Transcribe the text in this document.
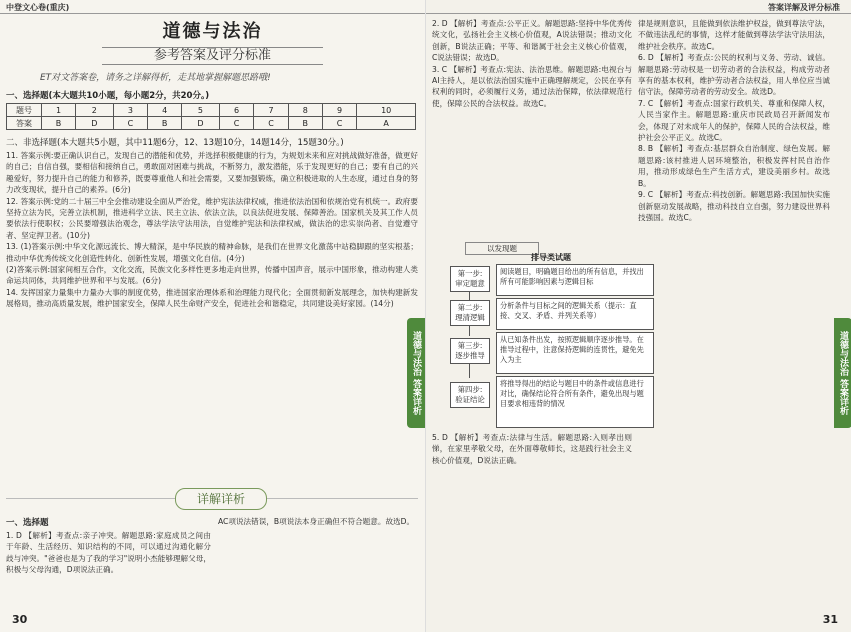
中登文心卷(重庆)
道德与法治
参考答案及评分标准
ET对文答案卷，请务之详解得析，走其地掌握解题思路哦!
一、选择题(本大题共10小题，每小题2分，共20分。)
题号	1	2	3	4	5	6	7	8	9	10
答案	B	D	C	B	D	C	C	B	C	A
二、非选择题(本大题共5小题，其中11题6分，12、13题10分，14题14分，15题30分。)

11. 答案示例:要正确认识自己，发现自己的潜能和优势，并选择积极健康的行为，为规划未来和应对挑战做好准备，做更好的自己；自信自强，要相信和接纳自己，勇敢面对困难与挑战，不断努力，激发潜能，乐于发现更好的自己；要有自己的兴趣爱好，努力提升自己的能力和修养，既要尊重他人和社会需要，又要加强锻炼，确立积极进取的人生态度，通过自身的努力改变现状，提升自己的素养。(6分)

12. 答案示例:党的二十届三中全会推动建设全面从严治党，维护宪法法律权威，推进依法治国和依规治党有机统一。政府要坚持立法为民，完善立法机制，推进科学立法、民主立法、依法立法，以良法促进发展、保障善治。国家机关及其工作人员要依法行使职权；公民要增强法治观念，尊法学法守法用法，自觉维护宪法和法律权威，做法治的忠实崇尚者、自觉遵守者、坚定捍卫者。(10分)

13. (1)答案示例:中华文化源远流长、博大精深，是中华民族的精神命脉，是我们在世界文化激荡中站稳脚跟的坚实根基；推动中华优秀传统文化创造性转化、创新性发展，增强文化自信。(4分)

(2)答案示例:国家间相互合作，文化交流，民族文化多样性更多地走向世界，传播中国声音，展示中国形象，推动构建人类命运共同体，共同维护世界和平与发展。(6分)

14. 发挥国家力量集中力量办大事的制度优势，推进国家治理体系和治理能力现代化；全面贯彻新发展理念，加快构建新发展格局，推动高质量发展，维护国家安全，保障人民生命财产安全，促进社会和谐稳定，共同建设美好家园。(14分)

详解详析
一、选择题
1. D 【解析】考查点:亲子冲突。解题思路:家庭成员之间由于年龄、生活经历、知识结构的不同，可以通过沟通化解分歧与冲突。"爸爸也是为了我的学习"说明小杰能够理解父母，积极与父母沟通，D项说法正确。
AC项说法错误，B项说法本身正确但不符合题意。故选D。
30
道德与法治 答案详析
答案详解及评分标准

2. D 【解析】考查点:公平正义。解题思路:坚持中华优秀传统文化，弘扬社会主义核心价值观，A说法错误；推动文化创新，B说法正确；平等、和谐属于社会主义核心价值观，C说法错误；故选D。

3. C 【解析】考查点:宪法、法治思维。解题思路:电视台与AI主持人，是以依法治国实施中正确理解规定，公民在享有权利的同时，必须履行义务，通过法治保障，依法律规范行使，保障公民的合法权益。故选C。

5. D 【解析】考查点:法律与生活。解题思路:入则孝出则悌，在家里孝敬父母，在外面尊敬师长，这是践行社会主义核心价值观，D说法正确。

律是规则意识，且能做到依法维护权益，做到尊法守法，不做违法乱纪的事情，这样才能做到尊法学法守法用法，维护社会秩序。故选C。

6. D 【解析】考查点:公民的权利与义务、劳动、诚信。解题思路:劳动权是一切劳动者的合法权益，构成劳动者享有的基本权利，维护劳动者合法权益，用人单位应当诚信守法，保障劳动者的劳动安全。故选D。

7. C 【解析】考查点:国家行政机关、尊重和保障人权，人民当家作主。解题思路:重庆市民政局召开新闻发布会，体现了对未成年人的保护，保障人民的合法权益，维护社会公平正义。故选C。

8. B 【解析】考查点:基层群众自治制度、绿色发展。解题思路:该村推进人居环境整治，积极发挥村民自治作用，推动形成绿色生产生活方式，建设美丽乡村。故选B。

9. C 【解析】考查点:科技创新。解题思路:我国加快实施创新驱动发展战略，推动科技自立自强，努力建设世界科技强国。故选C。

31
道德与法治 答案详析
以发现题
排导类试题
第一步:
审定题意
阅读题目，明确题目给出的所有信息，并找出所有可能影响因素与逻辑目标
第二步:
理清逻辑
分析条件与目标之间的逻辑关系（提示：直接、交叉、矛盾、并列关系等）
第三步:
逐步推导
从已知条件出发，按照逻辑顺序逐步推导。在推导过程中，注意保持逻辑的连贯性，避免先入为主
第四步:
验证结论
将推导得出的结论与题目中的条件或信息进行对比，确保结论符合所有条件，避免出现与题目要求相违背的情况
